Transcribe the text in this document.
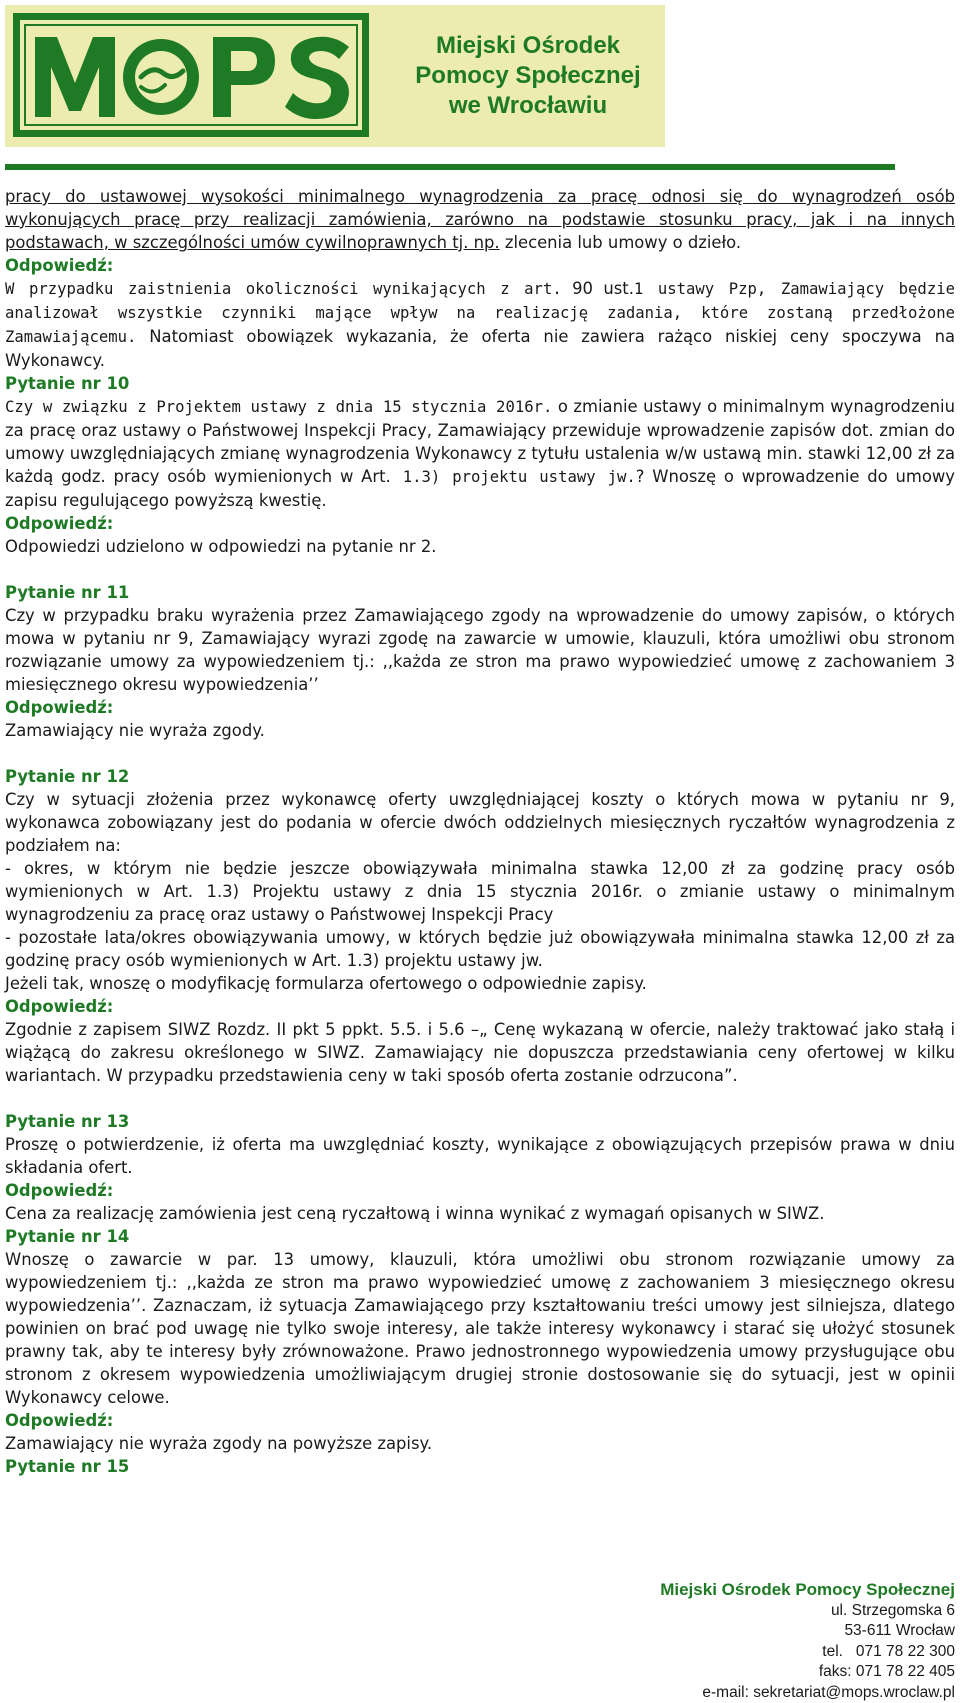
Miejski Ośrodek
Pomocy Społecznej
we Wrocławiu

pracy do ustawowej wysokości minimalnego wynagrodzenia za pracę odnosi się do wynagrodzeń osób wykonujących pracę przy realizacji zamówienia, zarówno na podstawie stosunku pracy, jak i na innych podstawach, w szczególności umów cywilnoprawnych tj. np. zlecenia lub umowy o dzieło.

Odpowiedź:

W przypadku zaistnienia okoliczności wynikających z art. 90 ust.1 ustawy Pzp, Zamawiający będzie analizował wszystkie czynniki mające wpływ na realizację zadania, które zostaną przedłożone Zamawiającemu. Natomiast obowiązek wykazania, że oferta nie zawiera rażąco niskiej ceny spoczywa na Wykonawcy.

Pytanie nr 10

Czy w związku z Projektem ustawy z dnia 15 stycznia 2016r. o zmianie ustawy o minimalnym wynagrodzeniu za pracę oraz ustawy o Państwowej Inspekcji Pracy, Zamawiający przewiduje wprowadzenie zapisów dot. zmian do umowy uwzględniających zmianę wynagrodzenia Wykonawcy z tytułu ustalenia w/w ustawą min. stawki 12,00 zł za każdą godz. pracy osób wymienionych w Art. 1.3) projektu ustawy jw.? Wnoszę o wprowadzenie do umowy zapisu regulującego powyższą kwestię.

Odpowiedź:

Odpowiedzi udzielono w odpowiedzi na pytanie nr 2.

Pytanie nr 11

Czy w przypadku braku wyrażenia przez Zamawiającego zgody na wprowadzenie do umowy zapisów, o których mowa w pytaniu nr 9, Zamawiający wyrazi zgodę na zawarcie w umowie, klauzuli, która umożliwi obu stronom rozwiązanie umowy za wypowiedzeniem tj.: ,,każda ze stron ma prawo wypowiedzieć umowę z zachowaniem 3 miesięcznego okresu wypowiedzenia’’

Odpowiedź:

Zamawiający nie wyraża zgody.

Pytanie nr 12

Czy w sytuacji złożenia przez wykonawcę oferty uwzględniającej koszty o których mowa w pytaniu nr 9, wykonawca zobowiązany jest do podania w ofercie dwóch oddzielnych miesięcznych ryczałtów wynagrodzenia z podziałem na:

- okres, w którym nie będzie jeszcze obowiązywała minimalna stawka 12,00 zł za godzinę pracy osób wymienionych w Art. 1.3) Projektu ustawy z dnia 15 stycznia 2016r. o zmianie ustawy o minimalnym wynagrodzeniu za pracę oraz ustawy o Państwowej Inspekcji Pracy

- pozostałe lata/okres obowiązywania umowy, w których będzie już obowiązywała minimalna stawka 12,00 zł za godzinę pracy osób wymienionych w Art. 1.3) projektu ustawy jw.

Jeżeli tak, wnoszę o modyfikację formularza ofertowego o odpowiednie zapisy.

Odpowiedź:

Zgodnie z zapisem SIWZ Rozdz. II pkt 5 ppkt. 5.5. i 5.6 –„ Cenę wykazaną w ofercie, należy traktować jako stałą i wiążącą do zakresu określonego w SIWZ. Zamawiający nie dopuszcza przedstawiania ceny ofertowej w kilku wariantach. W przypadku przedstawienia ceny w taki sposób oferta zostanie odrzucona”.

Pytanie nr 13

Proszę o potwierdzenie, iż oferta ma uwzględniać koszty, wynikające z obowiązujących przepisów prawa w dniu składania ofert.

Odpowiedź:

Cena za realizację zamówienia jest ceną ryczałtową i winna wynikać z wymagań opisanych w SIWZ.

Pytanie nr 14

Wnoszę o zawarcie w par. 13 umowy, klauzuli, która umożliwi obu stronom rozwiązanie umowy za wypowiedzeniem tj.: ,,każda ze stron ma prawo wypowiedzieć umowę z zachowaniem 3 miesięcznego okresu wypowiedzenia’’. Zaznaczam, iż sytuacja Zamawiającego przy kształtowaniu treści umowy jest silniejsza, dlatego powinien on brać pod uwagę nie tylko swoje interesy, ale także interesy wykonawcy i starać się ułożyć stosunek prawny tak, aby te interesy były zrównoważone. Prawo jednostronnego wypowiedzenia umowy przysługujące obu stronom z okresem wypowiedzenia umożliwiającym drugiej stronie dostosowanie się do sytuacji, jest w opinii Wykonawcy celowe.

Odpowiedź:

Zamawiający nie wyraża zgody na powyższe zapisy.

Pytanie nr 15

Miejski Ośrodek Pomocy Społecznej
ul. Strzegomska 6
53-611 Wrocław
tel.   071 78 22 300
faks: 071 78 22 405
e-mail: sekretariat@mops.wroclaw.pl
